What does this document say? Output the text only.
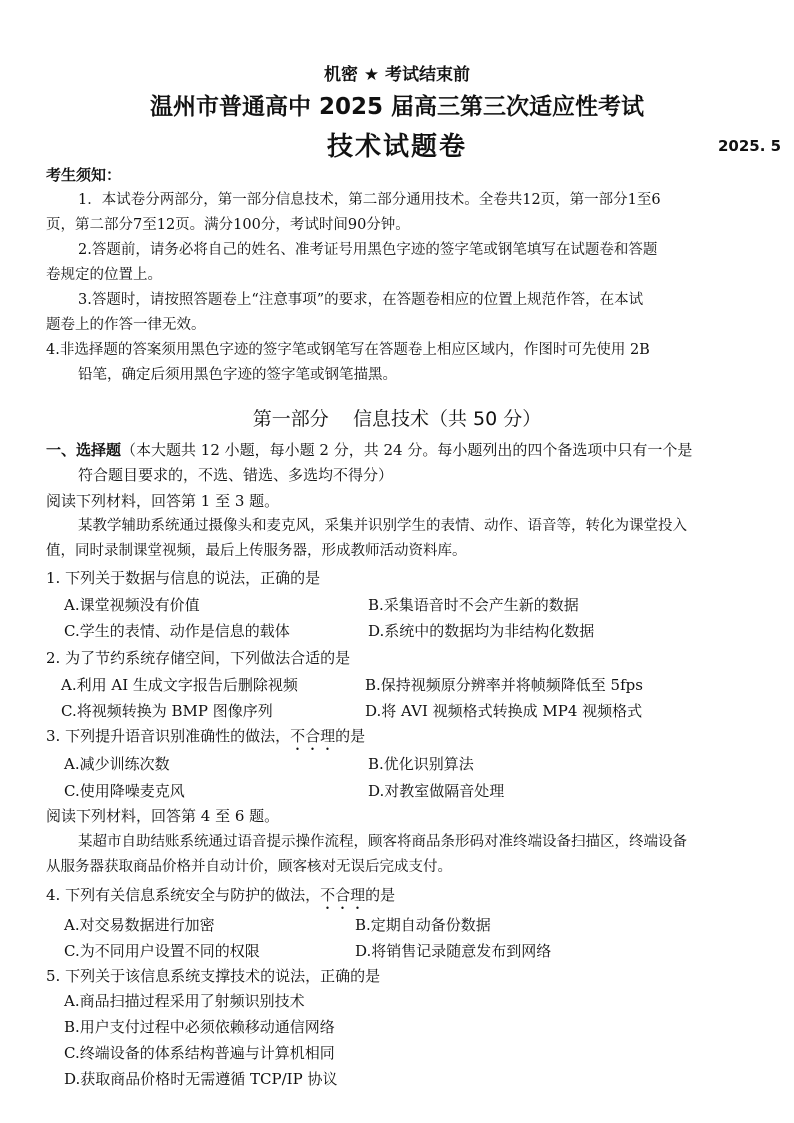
机密 ★ 考试结束前
温州市普通高中 2025 届高三第三次适应性考试
技术试题卷	2025. 5
考生须知：
1．本试卷分两部分，第一部分信息技术，第二部分通用技术。全卷共12页，第一部分1至6
页，第二部分7至12页。满分100分，考试时间90分钟。
2.答题前，请务必将自己的姓名、准考证号用黑色字迹的签字笔或钢笔填写在试题卷和答题
卷规定的位置上。
3.答题时，请按照答题卷上“注意事项”的要求，在答题卷相应的位置上规范作答，在本试
题卷上的作答一律无效。
4.非选择题的答案须用黑色字迹的签字笔或钢笔写在答题卷上相应区域内，作图时可先使用 2B
铅笔，确定后须用黑色字迹的签字笔或钢笔描黑。
第一部分 信息技术（共 50 分）
一、选择题（本大题共 12 小题，每小题 2 分，共 24 分。每小题列出的四个备选项中只有一个是
符合题目要求的，不选、错选、多选均不得分）
阅读下列材料，回答第 1 至 3 题。
某教学辅助系统通过摄像头和麦克风，采集并识别学生的表情、动作、语音等，转化为课堂投入
值，同时录制课堂视频，最后上传服务器，形成教师活动资料库。
1. 下列关于数据与信息的说法，正确的是
A.课堂视频没有价值	B.采集语音时不会产生新的数据
C.学生的表情、动作是信息的载体	D.系统中的数据均为非结构化数据
2. 为了节约系统存储空间，下列做法合适的是
A.利用 AI 生成文字报告后删除视频	B.保持视频原分辨率并将帧频降低至 5fps
C.将视频转换为 BMP 图像序列	D.将 AVI 视频格式转换成 MP4 视频格式
3. 下列提升语音识别准确性的做法，不合理的是
A.减少训练次数	B.优化识别算法
C.使用降噪麦克风	D.对教室做隔音处理
阅读下列材料，回答第 4 至 6 题。
某超市自助结账系统通过语音提示操作流程，顾客将商品条形码对准终端设备扫描区，终端设备
从服务器获取商品价格并自动计价，顾客核对无误后完成支付。
4. 下列有关信息系统安全与防护的做法，不合理的是
A.对交易数据进行加密	B.定期自动备份数据
C.为不同用户设置不同的权限	D.将销售记录随意发布到网络
5. 下列关于该信息系统支撑技术的说法，正确的是
A.商品扫描过程采用了射频识别技术
B.用户支付过程中必须依赖移动通信网络
C.终端设备的体系结构普遍与计算机相同
D.获取商品价格时无需遵循 TCP/IP 协议
